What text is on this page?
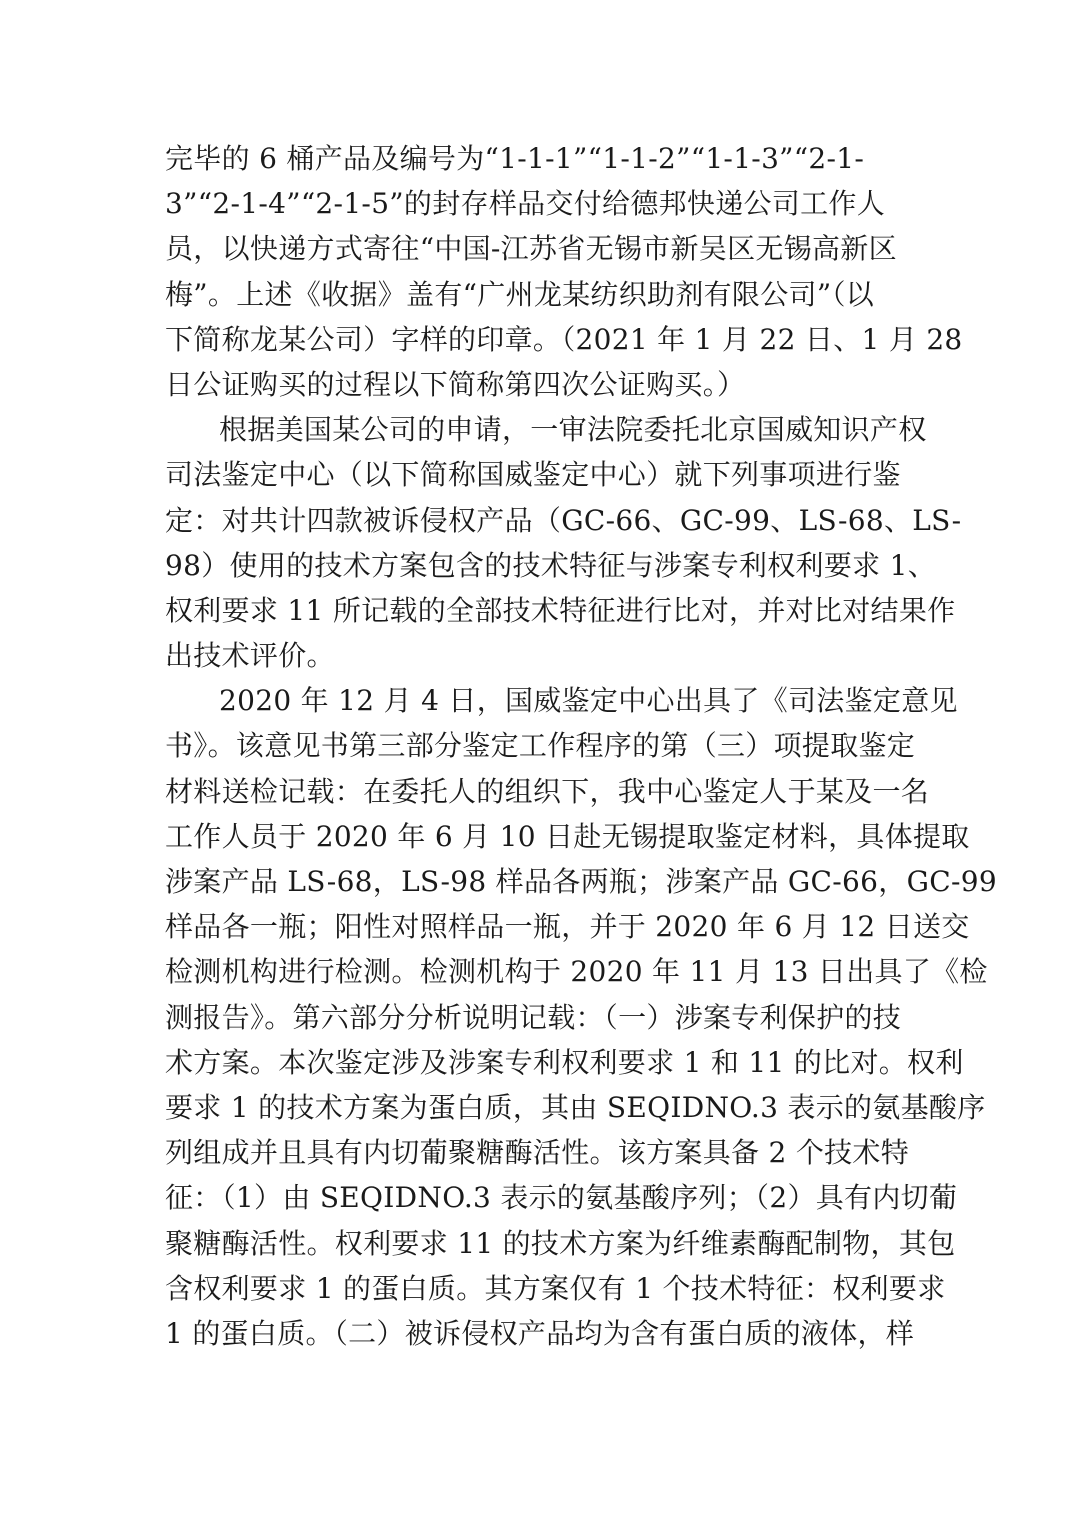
完毕的 6 桶产品及编号为“1-1-1”“1-1-2”“1-1-3”“2-1-
3”“2-1-4”“2-1-5”的封存样品交付给德邦快递公司工作人
员，以快递方式寄往“中国-江苏省无锡市新吴区无锡高新区
梅”。上述《收据》盖有“广州龙某纺织助剂有限公司”（以
下简称龙某公司）字样的印章。（2021 年 1 月 22 日、1 月 28
日公证购买的过程以下简称第四次公证购买。）
根据美国某公司的申请，一审法院委托北京国威知识产权
司法鉴定中心（以下简称国威鉴定中心）就下列事项进行鉴
定：对共计四款被诉侵权产品（GC-66、GC-99、LS-68、LS-
98）使用的技术方案包含的技术特征与涉案专利权利要求 1、
权利要求 11 所记载的全部技术特征进行比对，并对比对结果作
出技术评价。
2020 年 12 月 4 日，国威鉴定中心出具了《司法鉴定意见
书》。该意见书第三部分鉴定工作程序的第（三）项提取鉴定
材料送检记载：在委托人的组织下，我中心鉴定人于某及一名
工作人员于 2020 年 6 月 10 日赴无锡提取鉴定材料，具体提取
涉案产品 LS-68，LS-98 样品各两瓶；涉案产品 GC-66，GC-99
样品各一瓶；阳性对照样品一瓶，并于 2020 年 6 月 12 日送交
检测机构进行检测。检测机构于 2020 年 11 月 13 日出具了《检
测报告》。第六部分分析说明记载：（一）涉案专利保护的技
术方案。本次鉴定涉及涉案专利权利要求 1 和 11 的比对。权利
要求 1 的技术方案为蛋白质，其由 SEQIDNO.3 表示的氨基酸序
列组成并且具有内切葡聚糖酶活性。该方案具备 2 个技术特
征：（1）由 SEQIDNO.3 表示的氨基酸序列；（2）具有内切葡
聚糖酶活性。权利要求 11 的技术方案为纤维素酶配制物，其包
含权利要求 1 的蛋白质。其方案仅有 1 个技术特征：权利要求
1 的蛋白质。（二）被诉侵权产品均为含有蛋白质的液体，样
